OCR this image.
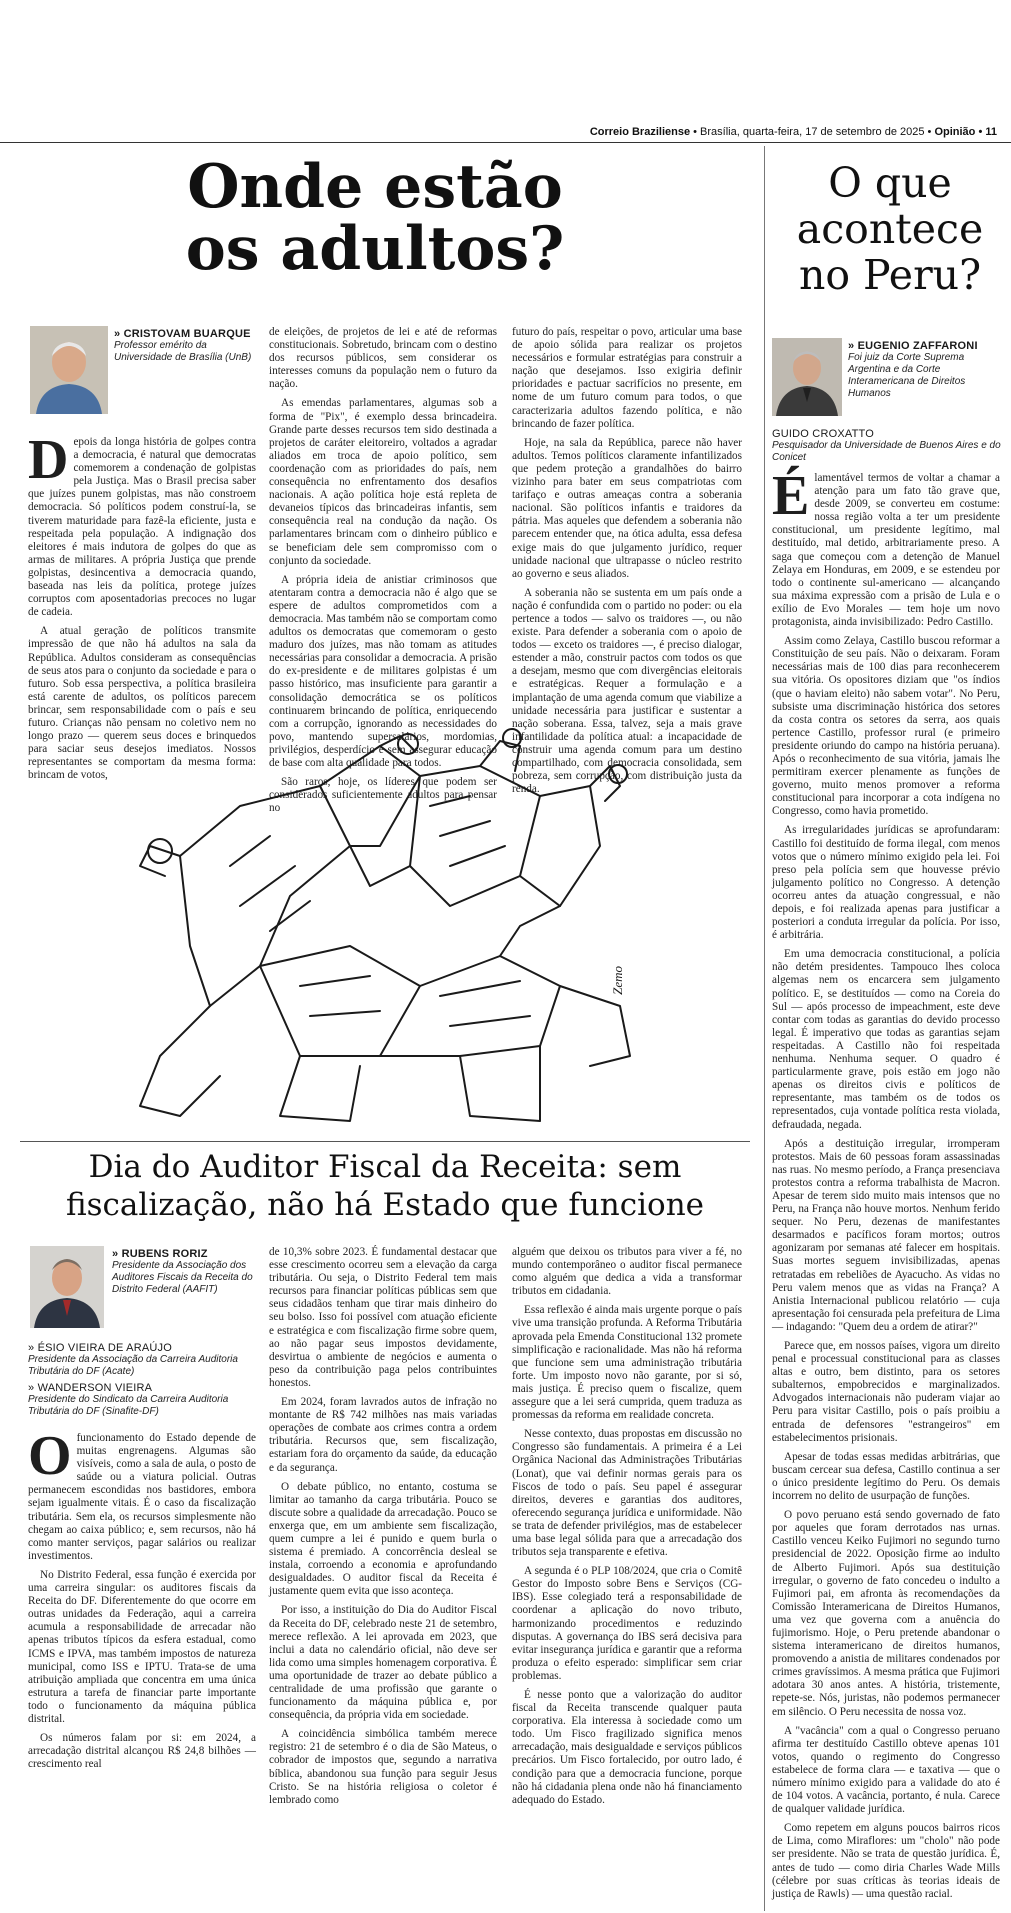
Correio Braziliense • Brasília, quarta-feira, 17 de setembro de 2025 • Opinião • 11
Onde estão
os adultos?
» CRISTOVAM BUARQUE
Professor emérito da Universidade de Brasília (UnB)

Depois da longa história de golpes contra a democracia, é natural que democratas comemorem a condenação de golpistas pela Justiça. Mas o Brasil precisa saber que juízes punem golpistas, mas não constroem democracia. Só políticos podem construí-la, se tiverem maturidade para fazê-la eficiente, justa e respeitada pela população. A indignação dos eleitores é mais indutora de golpes do que as armas de militares. A própria Justiça que prende golpistas, desincentiva a democracia quando, baseada nas leis da política, protege juízes corruptos com aposentadorias precoces no lugar de cadeia.

A atual geração de políticos transmite impressão de que não há adultos na sala da República. Adultos consideram as consequências de seus atos para o conjunto da sociedade e para o futuro. Sob essa perspectiva, a política brasileira está carente de adultos, os políticos parecem brincar, sem responsabilidade com o país e seu futuro. Crianças não pensam no coletivo nem no longo prazo — querem seus doces e brinquedos para saciar seus desejos imediatos. Nossos representantes se comportam da mesma forma: brincam de votos,

de eleições, de projetos de lei e até de reformas constitucionais. Sobretudo, brincam com o destino dos recursos públicos, sem considerar os interesses comuns da população nem o futuro da nação.

As emendas parlamentares, algumas sob a forma de "Pix", é exemplo dessa brincadeira. Grande parte desses recursos tem sido destinada a projetos de caráter eleitoreiro, voltados a agradar aliados em troca de apoio político, sem coordenação com as prioridades do país, nem consequência no enfrentamento dos desafios nacionais. A ação política hoje está repleta de devaneios típicos das brincadeiras infantis, sem consequência real na condução da nação. Os parlamentares brincam com o dinheiro público e se beneficiam dele sem compromisso com o conjunto da sociedade.

A própria ideia de anistiar criminosos que atentaram contra a democracia não é algo que se espere de adultos comprometidos com a democracia. Mas também não se comportam como adultos os democratas que comemoram o gesto maduro dos juízes, mas não tomam as atitudes necessárias para consolidar a democracia. A prisão do ex-presidente e de militares golpistas é um passo histórico, mas insuficiente para garantir a consolidação democrática se os políticos continuarem brincando de política, enriquecendo com a corrupção, ignorando as necessidades do povo, mantendo supersalários, mordomias, privilégios, desperdício e sem assegurar educação de base com alta qualidade para todos.

São raros, hoje, os líderes que podem ser considerados suficientemente adultos para pensar no

futuro do país, respeitar o povo, articular uma base de apoio sólida para realizar os projetos necessários e formular estratégias para construir a nação que desejamos. Isso exigiria definir prioridades e pactuar sacrifícios no presente, em nome de um futuro comum para todos, o que caracterizaria adultos fazendo política, e não brincando de fazer política.

Hoje, na sala da República, parece não haver adultos. Temos políticos claramente infantilizados que pedem proteção a grandalhões do bairro vizinho para bater em seus compatriotas com tarifaço e outras ameaças contra a soberania nacional. São políticos infantis e traidores da pátria. Mas aqueles que defendem a soberania não parecem entender que, na ótica adulta, essa defesa exige mais do que julgamento jurídico, requer unidade nacional que ultrapasse o núcleo restrito ao governo e seus aliados.

A soberania não se sustenta em um país onde a nação é confundida com o partido no poder: ou ela pertence a todos — salvo os traidores —, ou não existe. Para defender a soberania com o apoio de todos — exceto os traidores —, é preciso dialogar, estender a mão, construir pactos com todos os que a desejam, mesmo que com divergências eleitorais e estratégicas. Requer a formulação e a implantação de uma agenda comum que viabilize a unidade necessária para justificar e sustentar a nação soberana. Essa, talvez, seja a mais grave infantilidade da política atual: a incapacidade de construir uma agenda comum para um destino compartilhado, com democracia consolidada, sem pobreza, sem corrupção, com distribuição justa da renda.

Zemo
Dia do Auditor Fiscal da Receita: sem
fiscalização, não há Estado que funcione
» RUBENS RORIZ
Presidente da Associação dos Auditores Fiscais da Receita do Distrito Federal (AAFIT)
» ÉSIO VIEIRA DE ARAÚJO
Presidente da Associação da Carreira Auditoria Tributária do DF (Acate)
» WANDERSON VIEIRA
Presidente do Sindicato da Carreira Auditoria Tributária do DF (Sinafite-DF)

O funcionamento do Estado depende de muitas engrenagens. Algumas são visíveis, como a sala de aula, o posto de saúde ou a viatura policial. Outras permanecem escondidas nos bastidores, embora sejam igualmente vitais. É o caso da fiscalização tributária. Sem ela, os recursos simplesmente não chegam ao caixa público; e, sem recursos, não há como manter serviços, pagar salários ou realizar investimentos.

No Distrito Federal, essa função é exercida por uma carreira singular: os auditores fiscais da Receita do DF. Diferentemente do que ocorre em outras unidades da Federação, aqui a carreira acumula a responsabilidade de arrecadar não apenas tributos típicos da esfera estadual, como ICMS e IPVA, mas também impostos de natureza municipal, como ISS e IPTU. Trata-se de uma atribuição ampliada que concentra em uma única estrutura a tarefa de financiar parte importante todo o funcionamento da máquina pública distrital.

Os números falam por si: em 2024, a arrecadação distrital alcançou R$ 24,8 bilhões — crescimento real

de 10,3% sobre 2023. É fundamental destacar que esse crescimento ocorreu sem a elevação da carga tributária. Ou seja, o Distrito Federal tem mais recursos para financiar políticas públicas sem que seus cidadãos tenham que tirar mais dinheiro do seu bolso. Isso foi possível com atuação eficiente e estratégica e com fiscalização firme sobre quem, ao não pagar seus impostos devidamente, desvirtua o ambiente de negócios e aumenta o peso da contribuição paga pelos contribuintes honestos.

Em 2024, foram lavrados autos de infração no montante de R$ 742 milhões nas mais variadas operações de combate aos crimes contra a ordem tributária. Recursos que, sem fiscalização, estariam fora do orçamento da saúde, da educação e da segurança.

O debate público, no entanto, costuma se limitar ao tamanho da carga tributária. Pouco se discute sobre a qualidade da arrecadação. Pouco se enxerga que, em um ambiente sem fiscalização, quem cumpre a lei é punido e quem burla o sistema é premiado. A concorrência desleal se instala, corroendo a economia e aprofundando desigualdades. O auditor fiscal da Receita é justamente quem evita que isso aconteça.

Por isso, a instituição do Dia do Auditor Fiscal da Receita do DF, celebrado neste 21 de setembro, merece reflexão. A lei aprovada em 2023, que inclui a data no calendário oficial, não deve ser lida como uma simples homenagem corporativa. É uma oportunidade de trazer ao debate público a centralidade de uma profissão que garante o funcionamento da máquina pública e, por consequência, da própria vida em sociedade.

A coincidência simbólica também merece registro: 21 de setembro é o dia de São Mateus, o cobrador de impostos que, segundo a narrativa bíblica, abandonou sua função para seguir Jesus Cristo. Se na história religiosa o coletor é lembrado como

alguém que deixou os tributos para viver a fé, no mundo contemporâneo o auditor fiscal permanece como alguém que dedica a vida a transformar tributos em cidadania.

Essa reflexão é ainda mais urgente porque o país vive uma transição profunda. A Reforma Tributária aprovada pela Emenda Constitucional 132 promete simplificação e racionalidade. Mas não há reforma que funcione sem uma administração tributária forte. Um imposto novo não garante, por si só, mais justiça. É preciso quem o fiscalize, quem assegure que a lei será cumprida, quem traduza as promessas da reforma em realidade concreta.

Nesse contexto, duas propostas em discussão no Congresso são fundamentais. A primeira é a Lei Orgânica Nacional das Administrações Tributárias (Lonat), que vai definir normas gerais para os Fiscos de todo o país. Seu papel é assegurar direitos, deveres e garantias dos auditores, oferecendo segurança jurídica e uniformidade. Não se trata de defender privilégios, mas de estabelecer uma base legal sólida para que a arrecadação dos tributos seja transparente e efetiva.

A segunda é o PLP 108/2024, que cria o Comitê Gestor do Imposto sobre Bens e Serviços (CG-IBS). Esse colegiado terá a responsabilidade de coordenar a aplicação do novo tributo, harmonizando procedimentos e reduzindo disputas. A governança do IBS será decisiva para evitar insegurança jurídica e garantir que a reforma produza o efeito esperado: simplificar sem criar problemas.

É nesse ponto que a valorização do auditor fiscal da Receita transcende qualquer pauta corporativa. Ela interessa à sociedade como um todo. Um Fisco fragilizado significa menos arrecadação, mais desigualdade e serviços públicos precários. Um Fisco fortalecido, por outro lado, é condição para que a democracia funcione, porque não há cidadania plena onde não há financiamento adequado do Estado.

O que
acontece
no Peru?
» EUGENIO ZAFFARONI
Foi juiz da Corte Suprema Argentina e da Corte Interamericana de Direitos Humanos
GUIDO CROXATTO
Pesquisador da Universidade de Buenos Aires e do Conicet

É lamentável termos de voltar a chamar a atenção para um fato tão grave que, desde 2009, se converteu em costume: nossa região volta a ter um presidente constitucional, um presidente legítimo, mal destituído, mal detido, arbitrariamente preso. A saga que começou com a detenção de Manuel Zelaya em Honduras, em 2009, e se estendeu por todo o continente sul-americano — alcançando sua máxima expressão com a prisão de Lula e o exílio de Evo Morales — tem hoje um novo protagonista, ainda invisibilizado: Pedro Castillo.

Assim como Zelaya, Castillo buscou reformar a Constituição de seu país. Não o deixaram. Foram necessárias mais de 100 dias para reconhecerem sua vitória. Os opositores diziam que "os índios (que o haviam eleito) não sabem votar". No Peru, subsiste uma discriminação histórica dos setores da costa contra os setores da serra, aos quais pertence Castillo, professor rural (e primeiro presidente oriundo do campo na história peruana). Após o reconhecimento de sua vitória, jamais lhe permitiram exercer plenamente as funções de governo, muito menos promover a reforma constitucional para incorporar a cota indígena no Congresso, como havia prometido.

As irregularidades jurídicas se aprofundaram: Castillo foi destituído de forma ilegal, com menos votos que o número mínimo exigido pela lei. Foi preso pela polícia sem que houvesse prévio julgamento político no Congresso. A detenção ocorreu antes da atuação congressual, e não depois, e foi realizada apenas para justificar a posteriori a conduta irregular da polícia. Por isso, é arbitrária.

Em uma democracia constitucional, a polícia não detém presidentes. Tampouco lhes coloca algemas nem os encarcera sem julgamento político. E, se destituídos — como na Coreia do Sul — após processo de impeachment, este deve contar com todas as garantias do devido processo legal. É imperativo que todas as garantias sejam respeitadas. A Castillo não foi respeitada nenhuma. Nenhuma sequer. O quadro é particularmente grave, pois estão em jogo não apenas os direitos civis e políticos de representante, mas também os de todos os representados, cuja vontade política resta violada, defraudada, negada.

Após a destituição irregular, irromperam protestos. Mais de 60 pessoas foram assassinadas nas ruas. No mesmo período, a França presenciava protestos contra a reforma trabalhista de Macron. Apesar de terem sido muito mais intensos que no Peru, na França não houve mortos. Nenhum ferido sequer. No Peru, dezenas de manifestantes desarmados e pacíficos foram mortos; outros agonizaram por semanas até falecer em hospitais. Suas mortes seguem invisibilizadas, apenas retratadas em rebeliões de Ayacucho. As vidas no Peru valem menos que as vidas na França? A Anistia Internacional publicou relatório — cuja apresentação foi censurada pela prefeitura de Lima — indagando: "Quem deu a ordem de atirar?"

Parece que, em nossos países, vigora um direito penal e processual constitucional para as classes altas e outro, bem distinto, para os setores subalternos, empobrecidos e marginalizados. Advogados internacionais não puderam viajar ao Peru para visitar Castillo, pois o país proibiu a entrada de defensores "estrangeiros" em estabelecimentos prisionais.

Apesar de todas essas medidas arbitrárias, que buscam cercear sua defesa, Castillo continua a ser o único presidente legítimo do Peru. Os demais incorrem no delito de usurpação de funções.

O povo peruano está sendo governado de fato por aqueles que foram derrotados nas urnas. Castillo venceu Keiko Fujimori no segundo turno presidencial de 2022. Oposição firme ao indulto de Alberto Fujimori. Após sua destituição irregular, o governo de fato concedeu o indulto a Fujimori pai, em afronta às recomendações da Comissão Interamericana de Direitos Humanos, uma vez que governa com a anuência do fujimorismo. Hoje, o Peru pretende abandonar o sistema interamericano de direitos humanos, promovendo a anistia de militares condenados por crimes gravíssimos. A mesma prática que Fujimori adotara 30 anos antes. A história, tristemente, repete-se. Nós, juristas, não podemos permanecer em silêncio. O Peru necessita de nossa voz.

A "vacância" com a qual o Congresso peruano afirma ter destituído Castillo obteve apenas 101 votos, quando o regimento do Congresso estabelece de forma clara — e taxativa — que o número mínimo exigido para a validade do ato é de 104 votos. A vacância, portanto, é nula. Carece de qualquer validade jurídica.

Como repetem em alguns poucos bairros ricos de Lima, como Miraflores: um "cholo" não pode ser presidente. Não se trata de questão jurídica. É, antes de tudo — como diria Charles Wade Mills (célebre por suas críticas às teorias ideais de justiça de Rawls) — uma questão racial.
